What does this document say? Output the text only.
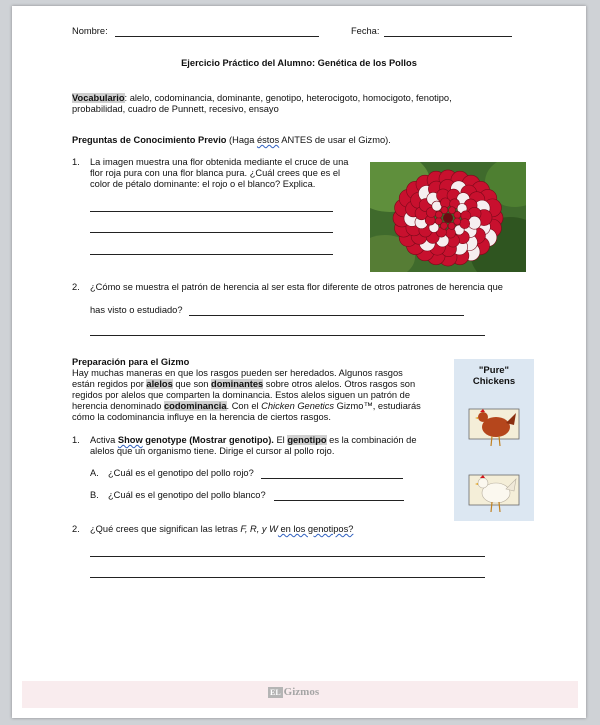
Nombre:	Fecha:
Ejercicio Práctico del Alumno: Genética de los Pollos
Vocabulario: alelo, codominancia, dominante, genotipo, heterocigoto, homocigoto, fenotipo,
probabilidad, cuadro de Punnett, recesivo, ensayo
Preguntas de Conocimiento Previo (Haga éstos ANTES de usar el Gizmo).
1. La imagen muestra una flor obtenida mediante el cruce de una
flor roja pura con una flor blanca pura. ¿Cuál crees que es el
color de pétalo dominante: el rojo o el blanco? Explica.
2. ¿Cómo se muestra el patrón de herencia al ser esta flor diferente de otros patrones de herencia que
has visto o estudiado?
Preparación para el Gizmo
Hay muchas maneras en que los rasgos pueden ser heredados. Algunos rasgos
están regidos por alelos que son dominantes sobre otros alelos. Otros rasgos son
regidos por alelos que comparten la dominancia. Estos alelos siguen un patrón de
herencia denominado codominancia. Con el Chicken Genetics Gizmo™, estudiarás
cómo la codominancia influye en la herencia de ciertos rasgos.
1. Activa Show genotype (Mostrar genotipo). El genotipo es la combinación de
alelos que un organismo tiene. Dirige el cursor al pollo rojo.
A. ¿Cuál es el genotipo del pollo rojo?
B. ¿Cuál es el genotipo del pollo blanco?
2. ¿Qué crees que significan las letras F, R, y W en los genotipos?
"Pure"
Chickens
EL Gizmos
